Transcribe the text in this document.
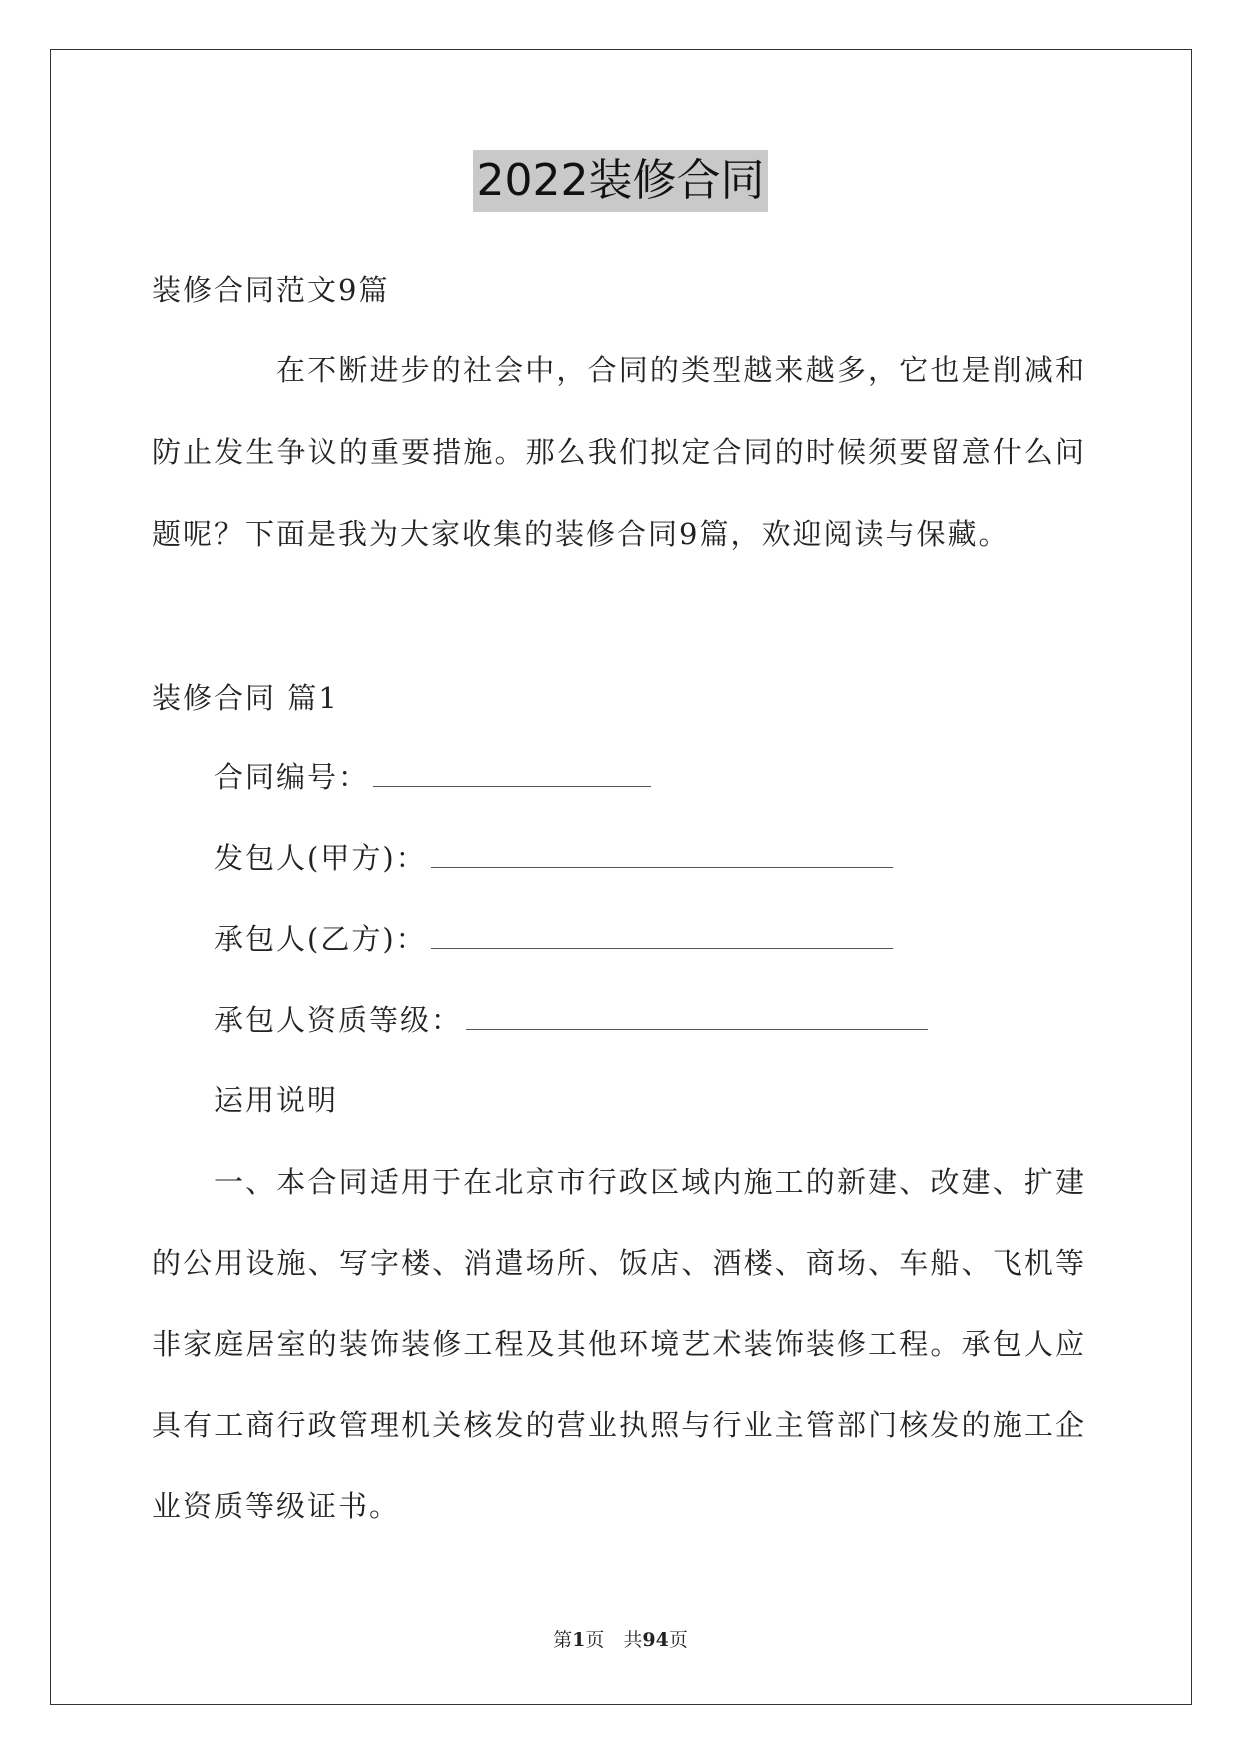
2022装修合同
装修合同范文9篇
在不断进步的社会中，合同的类型越来越多，它也是削减和
防止发生争议的重要措施。那么我们拟定合同的时候须要留意什么问
题呢？下面是我为大家收集的装修合同9篇，欢迎阅读与保藏。
装修合同 篇1
合同编号：
发包人(甲方)：
承包人(乙方)：
承包人资质等级：
运用说明
一、本合同适用于在北京市行政区域内施工的新建、改建、扩建
的公用设施、写字楼、消遣场所、饭店、酒楼、商场、车船、飞机等
非家庭居室的装饰装修工程及其他环境艺术装饰装修工程。承包人应
具有工商行政管理机关核发的营业执照与行业主管部门核发的施工企
业资质等级证书。
第1页　共94页
